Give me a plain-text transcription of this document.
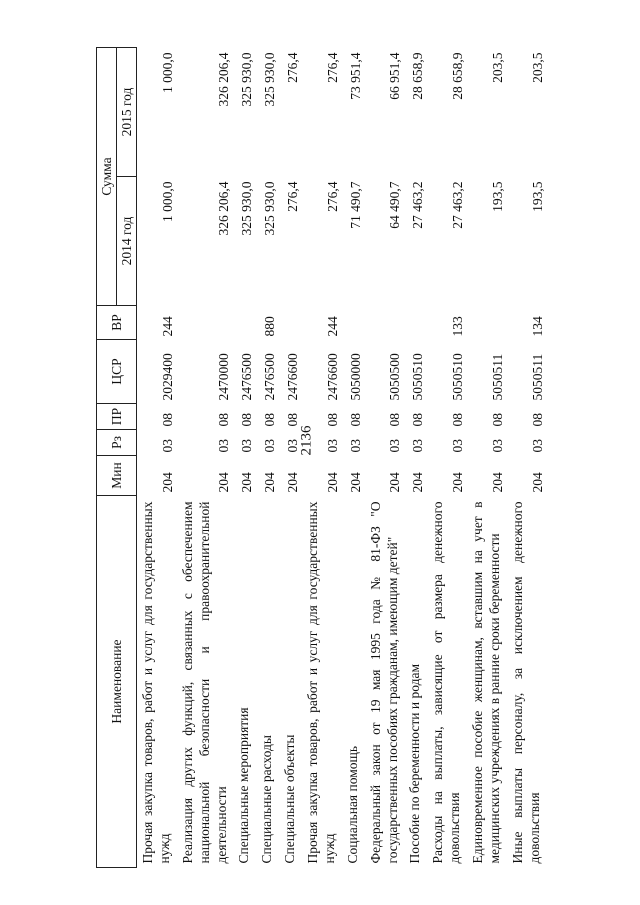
2136
Наименование	Мин	Рз	ПР	ЦСР	ВР	Сумма	
						2014 год	2015 год
Прочая закупка товаров, работ и услуг для государственных нужд	204	03	08	2029400	244	1 000,0	1 000,0
Реализация других функций, связанных с обеспечением национальной безопасности и правоохранительной деятельности	204	03	08	2470000		326 206,4	326 206,4
Специальные мероприятия	204	03	08	2476500		325 930,0	325 930,0
Специальные расходы	204	03	08	2476500	880	325 930,0	325 930,0
Специальные объекты	204	03	08	2476600		276,4	276,4
Прочая закупка товаров, работ и услуг для государственных нужд	204	03	08	2476600	244	276,4	276,4
Социальная помощь	204	03	08	5050000		71 490,7	73 951,4
Федеральный закон от 19 мая 1995 года № 81-ФЗ "О государственных пособиях гражданам, имеющим детей"	204	03	08	5050500		64 490,7	66 951,4
Пособие по беременности и родам	204	03	08	5050510		27 463,2	28 658,9
Расходы на выплаты, зависящие от размера денежного довольствия	204	03	08	5050510	133	27 463,2	28 658,9
Единовременное пособие женщинам, вставшим на учет в медицинских учреждениях в ранние сроки беременности	204	03	08	5050511		193,5	203,5
Иные выплаты персоналу, за исключением денежного довольствия	204	03	08	5050511	134	193,5	203,5
